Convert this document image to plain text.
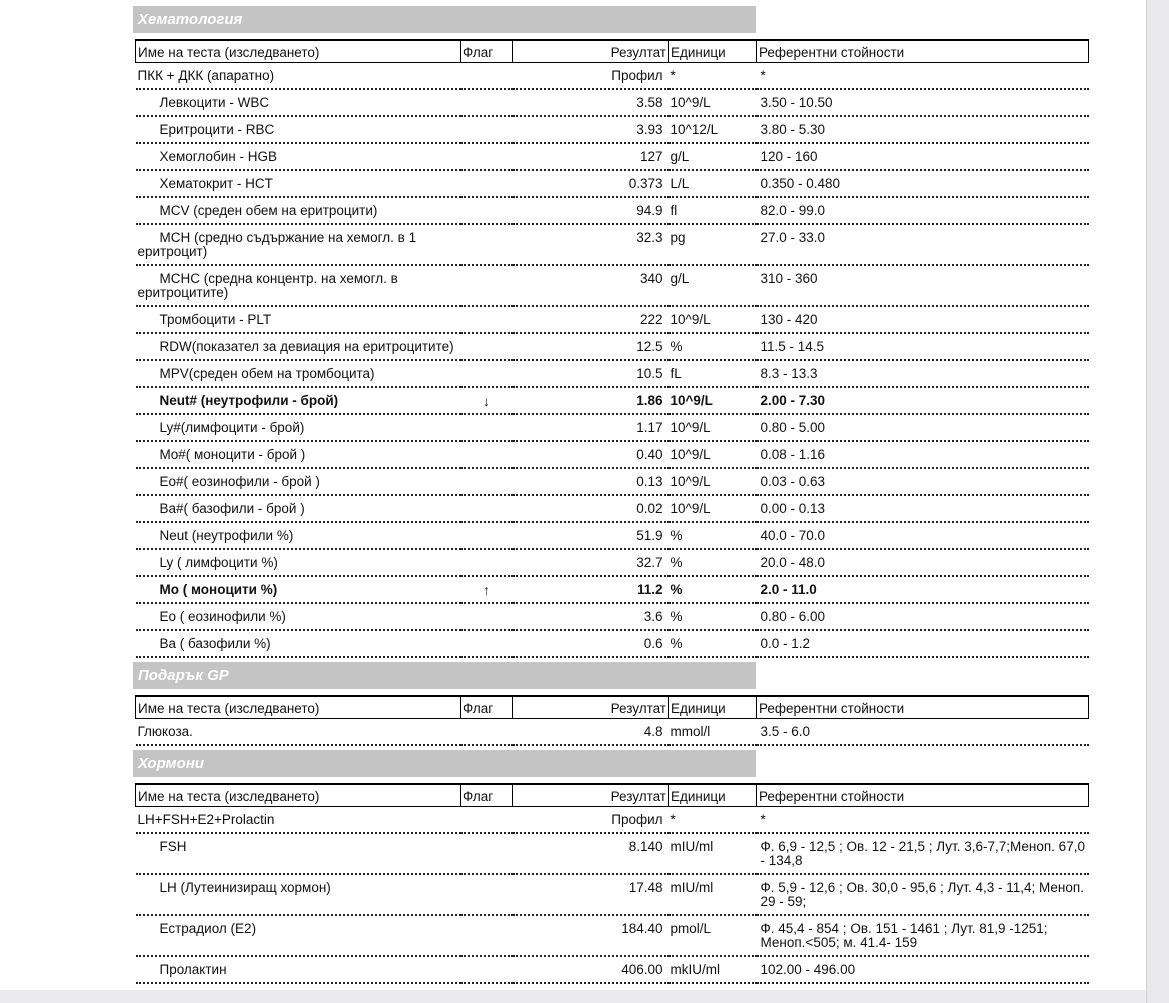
Хематология
Име на теста (изследването)	Флаг	Резултат	Единици	Референтни стойности

ПКК + ДКК (апаратно)		Профил	*	*

Левкоцити - WBC		3.58	10^9/L	3.50 - 10.50

Еритроцити - RBC		3.93	10^12/L	3.80 - 5.30

Хемоглобин - HGB		127	g/L	120 - 160

Хематокрит - HCT		0.373	L/L	0.350 - 0.480

MCV (среден обем на еритроцити)		94.9	fl	82.0 - 99.0

MCH (средно съдържание на хемогл. в 1 еритроцит)		32.3	pg	27.0 - 33.0

MCHC (средна концентр. на хемогл. в еритроцитите)		340	g/L	310 - 360

Тромбоцити - PLT		222	10^9/L	130 - 420

RDW(показател за девиация на еритроцитите)		12.5	%	11.5 - 14.5

MPV(среден обем на тромбоцита)		10.5	fL	8.3 - 13.3

Neut# (неутрофили - брой)	↓	1.86	10^9/L	2.00 - 7.30

Ly#(лимфоцити - брой)		1.17	10^9/L	0.80 - 5.00

Mo#( моноцити - брой )		0.40	10^9/L	0.08 - 1.16

Eo#( еозинофили - брой )		0.13	10^9/L	0.03 - 0.63

Ba#( базофили - брой )		0.02	10^9/L	0.00 - 0.13

Neut (неутрофили %)		51.9	%	40.0 - 70.0

Ly ( лимфоцити %)		32.7	%	20.0 - 48.0

Mo ( моноцити %)	↑	11.2	%	2.0 - 11.0

Eo ( еозинофили %)		3.6	%	0.80 - 6.00

Ba ( базофили %)		0.6	%	0.0 - 1.2
Подарък GP
Име на теста (изследването)	Флаг	Резултат	Единици	Референтни стойности

Глюкоза.		4.8	mmol/l	3.5 - 6.0
Хормони
Име на теста (изследването)	Флаг	Резултат	Единици	Референтни стойности

LH+FSH+E2+Prolactin		Профил	*	*

FSH		8.140	mIU/ml	Ф. 6,9 - 12,5 ; Ов. 12 - 21,5 ; Лут. 3,6-7,7;Меноп. 67,0 - 134,8

LH (Лутеинизиращ хормон)		17.48	mIU/ml	Ф. 5,9 - 12,6 ; Ов. 30,0 - 95,6 ; Лут. 4,3 - 11,4; Меноп. 29 - 59;

Естрадиол (E2)		184.40	pmol/L	Ф. 45,4 - 854 ; Ов. 151 - 1461 ; Лут. 81,9 -1251; Меноп.<505; м. 41.4- 159

Пролактин		406.00	mkIU/ml	102.00 - 496.00
